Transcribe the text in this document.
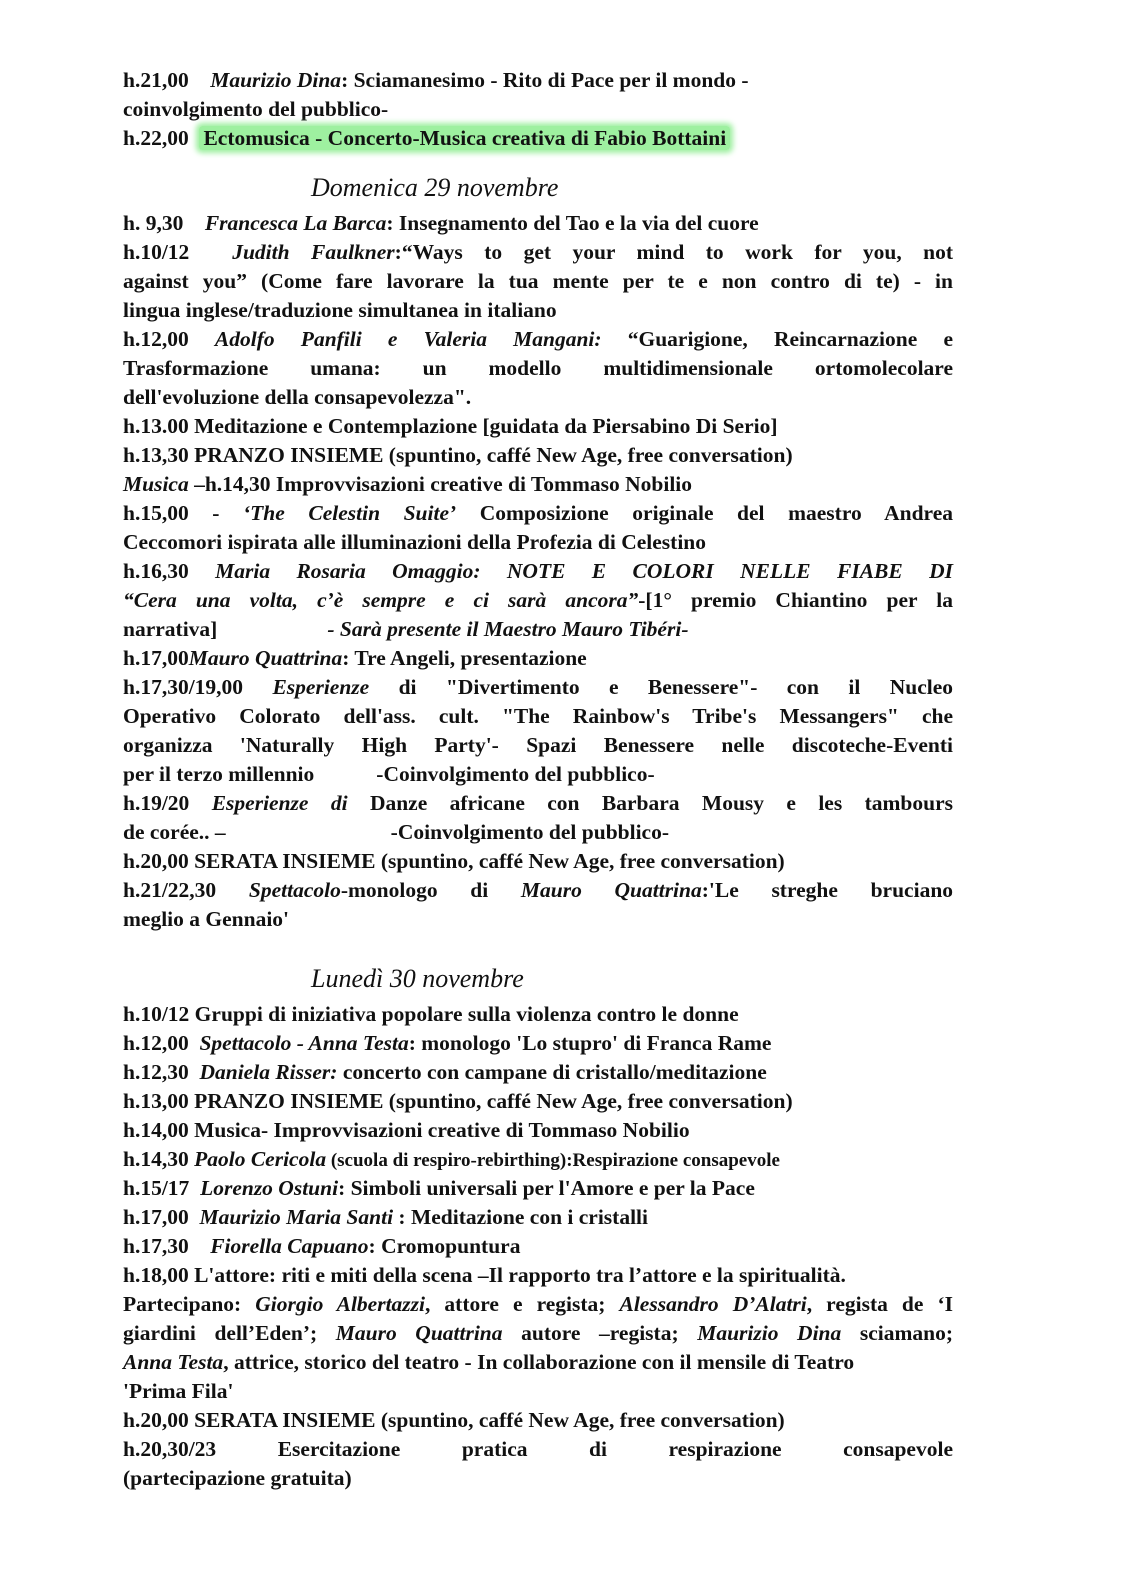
h.21,00 Maurizio Dina: Sciamanesimo - Rito di Pace per il mondo -
coinvolgimento del pubblico-
h.22,00 Ectomusica - Concerto-Musica creativa di Fabio Bottaini
Domenica 29 novembre
h. 9,30 Francesca La Barca: Insegnamento del Tao e la via del cuore
h.10/12 Judith Faulkner:“Ways to get your mind to work for you, not
against you” (Come fare lavorare la tua mente per te e non contro di te) - in
lingua inglese/traduzione simultanea in italiano
h.12,00 Adolfo Panfili e Valeria Mangani: “Guarigione, Reincarnazione e
Trasformazione umana: un modello multidimensionale ortomolecolare
dell'evoluzione della consapevolezza".
h.13.00 Meditazione e Contemplazione [guidata da Piersabino Di Serio]
h.13,30 PRANZO INSIEME (spuntino, caffé New Age, free conversation)
Musica –h.14,30 Improvvisazioni creative di Tommaso Nobilio
h.15,00 - ‘The Celestin Suite’ Composizione originale del maestro Andrea
Ceccomori ispirata alle illuminazioni della Profezia di Celestino
h.16,30 Maria Rosaria Omaggio: NOTE E COLORI NELLE FIABE DI
“Cera una volta, c’è sempre e ci sarà ancora”-[1° premio Chiantino per la
narrativa]	- Sarà presente il Maestro Mauro Tibéri-
h.17,00Mauro Quattrina: Tre Angeli, presentazione
h.17,30/19,00 Esperienze di "Divertimento e Benessere"- con il Nucleo
Operativo Colorato dell'ass. cult. "The Rainbow's Tribe's Messangers" che
organizza 'Naturally High Party'- Spazi Benessere nelle discoteche-Eventi
per il terzo millennio	-Coinvolgimento del pubblico-
h.19/20 Esperienze di Danze africane con Barbara Mousy e les tambours
de corée.. –	-Coinvolgimento del pubblico-
h.20,00 SERATA INSIEME (spuntino, caffé New Age, free conversation)
h.21/22,30 Spettacolo-monologo di Mauro Quattrina:'Le streghe bruciano
meglio a Gennaio'
Lunedì 30 novembre
h.10/12 Gruppi di iniziativa popolare sulla violenza contro le donne
h.12,00 Spettacolo - Anna Testa: monologo 'Lo stupro' di Franca Rame
h.12,30 Daniela Risser: concerto con campane di cristallo/meditazione
h.13,00 PRANZO INSIEME (spuntino, caffé New Age, free conversation)
h.14,00 Musica- Improvvisazioni creative di Tommaso Nobilio
h.14,30 Paolo Cericola (scuola di respiro-rebirthing):Respirazione consapevole
h.15/17 Lorenzo Ostuni: Simboli universali per l'Amore e per la Pace
h.17,00 Maurizio Maria Santi : Meditazione con i cristalli
h.17,30 Fiorella Capuano: Cromopuntura
h.18,00 L'attore: riti e miti della scena –Il rapporto tra l’attore e la spiritualità.
Partecipano: Giorgio Albertazzi, attore e regista; Alessandro D’Alatri, regista de ‘I
giardini dell’Eden’; Mauro Quattrina autore –regista; Maurizio Dina sciamano;
Anna Testa, attrice, storico del teatro - In collaborazione con il mensile di Teatro
'Prima Fila'
h.20,00 SERATA INSIEME (spuntino, caffé New Age, free conversation)
h.20,30/23 Esercitazione pratica di respirazione consapevole
(partecipazione gratuita)
